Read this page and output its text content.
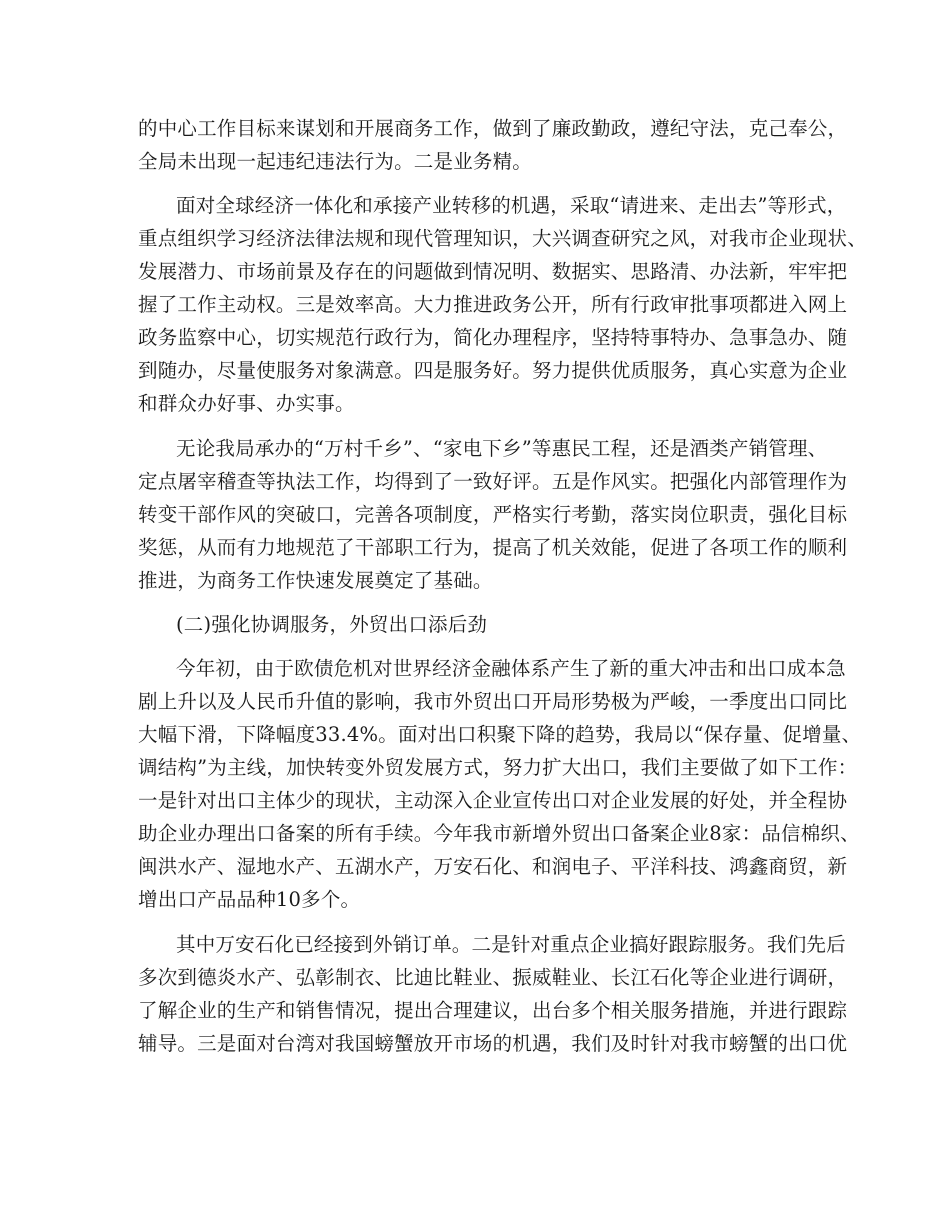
的中心工作目标来谋划和开展商务工作，做到了廉政勤政，遵纪守法，克己奉公，
全局未出现一起违纪违法行为。二是业务精。
面对全球经济一体化和承接产业转移的机遇，采取“请进来、走出去”等形式，
重点组织学习经济法律法规和现代管理知识，大兴调查研究之风，对我市企业现状、
发展潜力、市场前景及存在的问题做到情况明、数据实、思路清、办法新，牢牢把
握了工作主动权。三是效率高。大力推进政务公开，所有行政审批事项都进入网上
政务监察中心，切实规范行政行为，简化办理程序，坚持特事特办、急事急办、随
到随办，尽量使服务对象满意。四是服务好。努力提供优质服务，真心实意为企业
和群众办好事、办实事。
无论我局承办的“万村千乡”、“家电下乡”等惠民工程，还是酒类产销管理、
定点屠宰稽查等执法工作，均得到了一致好评。五是作风实。把强化内部管理作为
转变干部作风的突破口，完善各项制度，严格实行考勤，落实岗位职责，强化目标
奖惩，从而有力地规范了干部职工行为，提高了机关效能，促进了各项工作的顺利
推进，为商务工作快速发展奠定了基础。
(二)强化协调服务，外贸出口添后劲
今年初，由于欧债危机对世界经济金融体系产生了新的重大冲击和出口成本急
剧上升以及人民币升值的影响，我市外贸出口开局形势极为严峻，一季度出口同比
大幅下滑，下降幅度33.4%。面对出口积聚下降的趋势，我局以“保存量、促增量、
调结构”为主线，加快转变外贸发展方式，努力扩大出口，我们主要做了如下工作：
一是针对出口主体少的现状，主动深入企业宣传出口对企业发展的好处，并全程协
助企业办理出口备案的所有手续。今年我市新增外贸出口备案企业8家：品信棉织、
闽洪水产、湿地水产、五湖水产，万安石化、和润电子、平洋科技、鸿鑫商贸，新
增出口产品品种10多个。
其中万安石化已经接到外销订单。二是针对重点企业搞好跟踪服务。我们先后
多次到德炎水产、弘彰制衣、比迪比鞋业、振威鞋业、长江石化等企业进行调研，
了解企业的生产和销售情况，提出合理建议，出台多个相关服务措施，并进行跟踪
辅导。三是面对台湾对我国螃蟹放开市场的机遇，我们及时针对我市螃蟹的出口优
